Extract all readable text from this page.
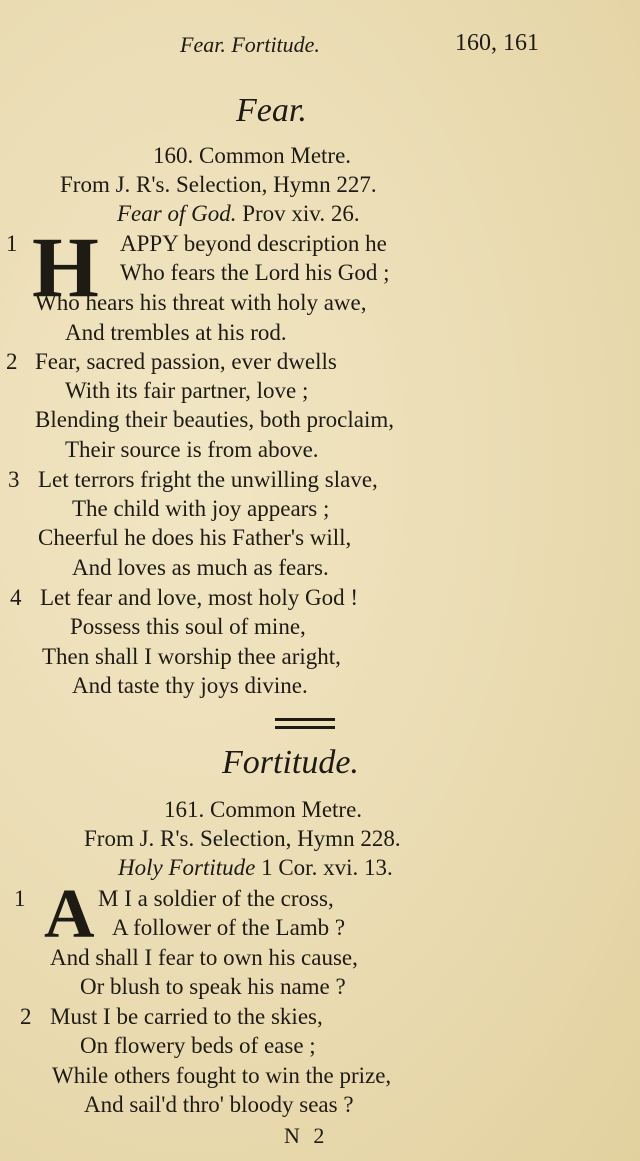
Fear. Fortitude.	160, 161
Fear.
160. Common Metre.
From J. R's. Selection, Hymn 227.
Fear of God. Prov xiv. 26.
1 H APPY beyond description he
Who fears the Lord his God ;
Who hears his threat with holy awe,
And trembles at his rod.
2 Fear, sacred passion, ever dwells
With its fair partner, love ;
Blending their beauties, both proclaim,
Their source is from above.
3 Let terrors fright the unwilling slave,
The child with joy appears ;
Cheerful he does his Father's will,
And loves as much as fears.
4 Let fear and love, most holy God !
Possess this soul of mine,
Then shall I worship thee aright,
And taste thy joys divine.
Fortitude.
161. Common Metre.
From J. R's. Selection, Hymn 228.
Holy Fortitude 1 Cor. xvi. 13.
1 A M I a soldier of the cross,
A follower of the Lamb ?
And shall I fear to own his cause,
Or blush to speak his name ?
2 Must I be carried to the skies,
On flowery beds of ease ;
While others fought to win the prize,
And sail'd thro' bloody seas ?
N 2
